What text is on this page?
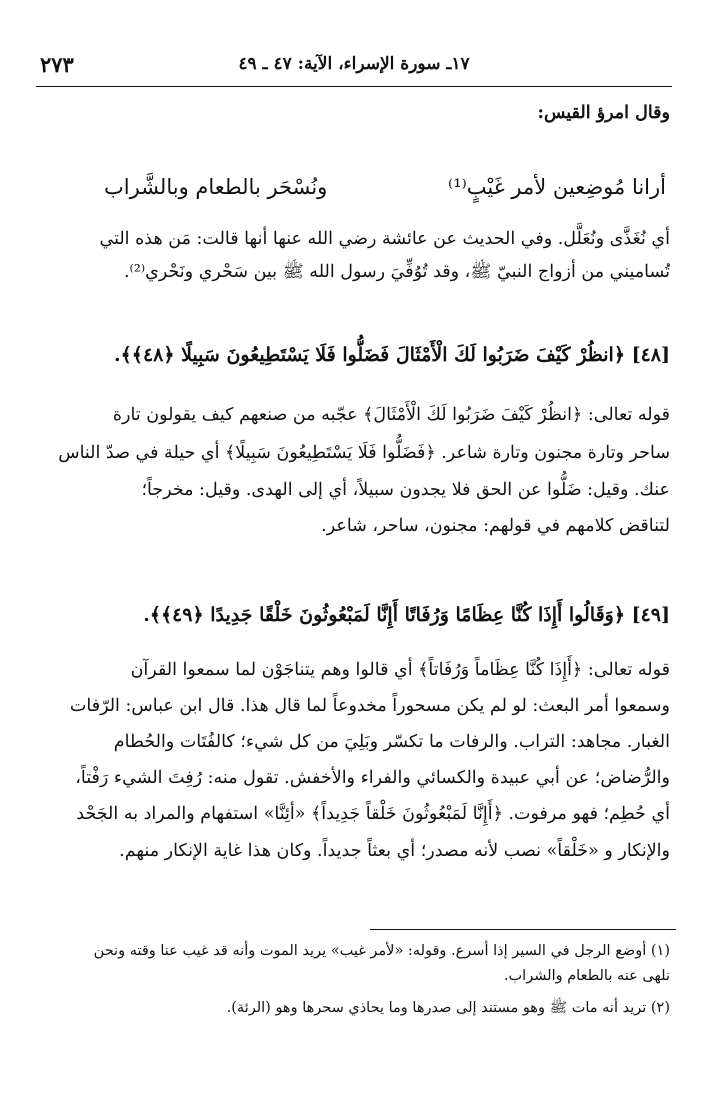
٢٧٣	١٧ـ سورة الإسراء، الآية: ٤٧ ـ ٤٩
وقال امرؤ القيس:
أرانا مُوضِعين لأمر غَيْبٍ⁽¹⁾
ونُسْحَر بالطعام وبالشَّراب
أي نُغَذَّى ونُعَلَّل. وفي الحديث عن عائشة رضي الله عنها أنها قالت: مَن هذه التي
تُساميني من أزواج النبيّ ﷺ، وقد تُوُفِّيَ رسول الله ﷺ بين سَحْري ونَحْري⁽²⁾.
[٤٨] ﴿انظُرْ كَيْفَ ضَرَبُوا لَكَ الْأَمْثَالَ فَضَلُّوا فَلَا يَسْتَطِيعُونَ سَبِيلًا ﴿٤٨﴾﴾.
قوله تعالى: ﴿انظُرْ كَيْفَ ضَرَبُوا لَكَ الْأَمْثَالَ﴾ عجّبه من صنعهم كيف يقولون تارة
ساحر وتارة مجنون وتارة شاعر. ﴿فَضَلُّوا فَلَا يَسْتَطِيعُونَ سَبِيلًا﴾ أي حيلة في صدّ الناس
عنك. وقيل: ضَلُّوا عن الحق فلا يجدون سبيلاً، أي إلى الهدى. وقيل: مخرجاً؛
لتناقض كلامهم في قولهم: مجنون، ساحر، شاعر.
[٤٩] ﴿وَقَالُوا أَإِذَا كُنَّا عِظَامًا وَرُفَاتًا أَإِنَّا لَمَبْعُوثُونَ خَلْقًا جَدِيدًا ﴿٤٩﴾﴾.
قوله تعالى: ﴿أَإِذَا كُنَّا عِظَاماً وَرُفَاتاً﴾ أي قالوا وهم يتناجَوْن لما سمعوا القرآن
وسمعوا أمر البعث: لو لم يكن مسحوراً مخدوعاً لما قال هذا. قال ابن عباس: الرّفات
الغبار. مجاهد: التراب. والرفات ما تكسّر وبَلِيَ من كل شيء؛ كالفُتَات والحُطام
والرُّضاض؛ عن أبي عبيدة والكسائي والفراء والأخفش. تقول منه: رُفِتَ الشيء رَفْتاً،
أي حُطِم؛ فهو مرفوت. ﴿أَإِنَّا لَمَبْعُوثُونَ خَلْقاً جَدِيداً﴾ «أئِنَّا» استفهام والمراد به الجَحْد
والإنكار و «خَلْقاً» نصب لأنه مصدر؛ أي بعثاً جديداً. وكان هذا غاية الإنكار منهم.
(١) أوضع الرجل في السير إذا أسرع. وقوله: «لأمر غيب» يريد الموت وأنه قد غيب عنا وقته ونحن
نلهى عنه بالطعام والشراب.
(٢) تريد أنه مات ﷺ وهو مستند إلى صدرها وما يحاذي سحرها وهو (الرئة).
